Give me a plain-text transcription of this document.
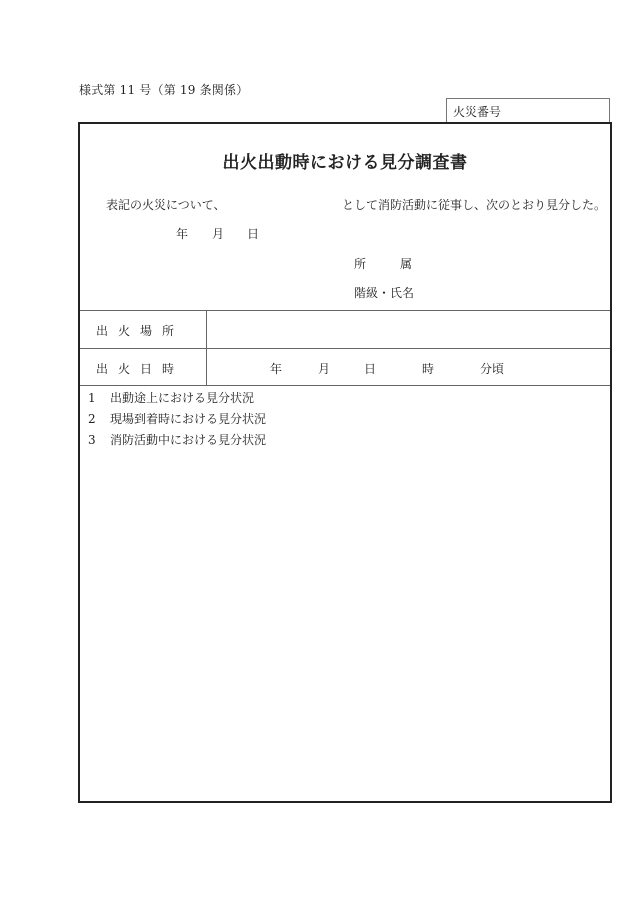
様式第 11 号（第 19 条関係）
火災番号
出火出動時における見分調査書
表記の火災について、	として消防活動に従事し、次のとおり見分した。
年 月 日
所	属
階級・氏名
出火場所
出火日時	年	月	日	時	分頃
1 出動途上における見分状況
2 現場到着時における見分状況
3 消防活動中における見分状況
